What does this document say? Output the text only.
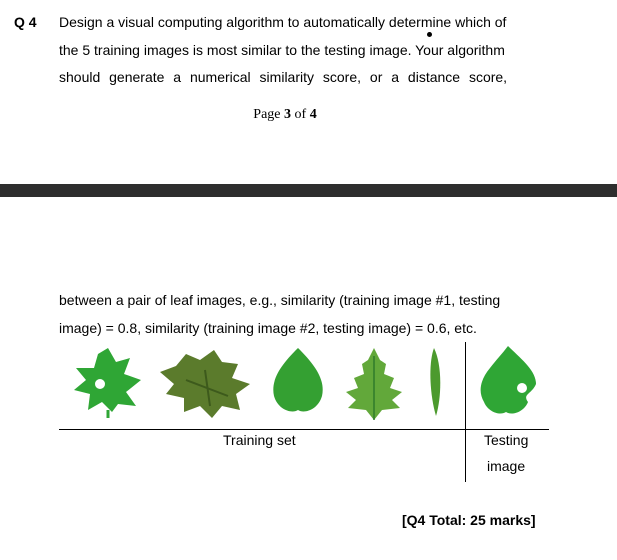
Q 4 Design a visual computing algorithm to automatically determine which of
the 5 training images is most similar to the testing image. Your algorithm
should generate a numerical similarity score, or a distance score,
Page 3 of 4
between a pair of leaf images, e.g., similarity (training image #1, testing
image) = 0.8, similarity (training image #2, testing image) = 0.6, etc.
Training set	Testing
image
[Q4 Total: 25 marks]
